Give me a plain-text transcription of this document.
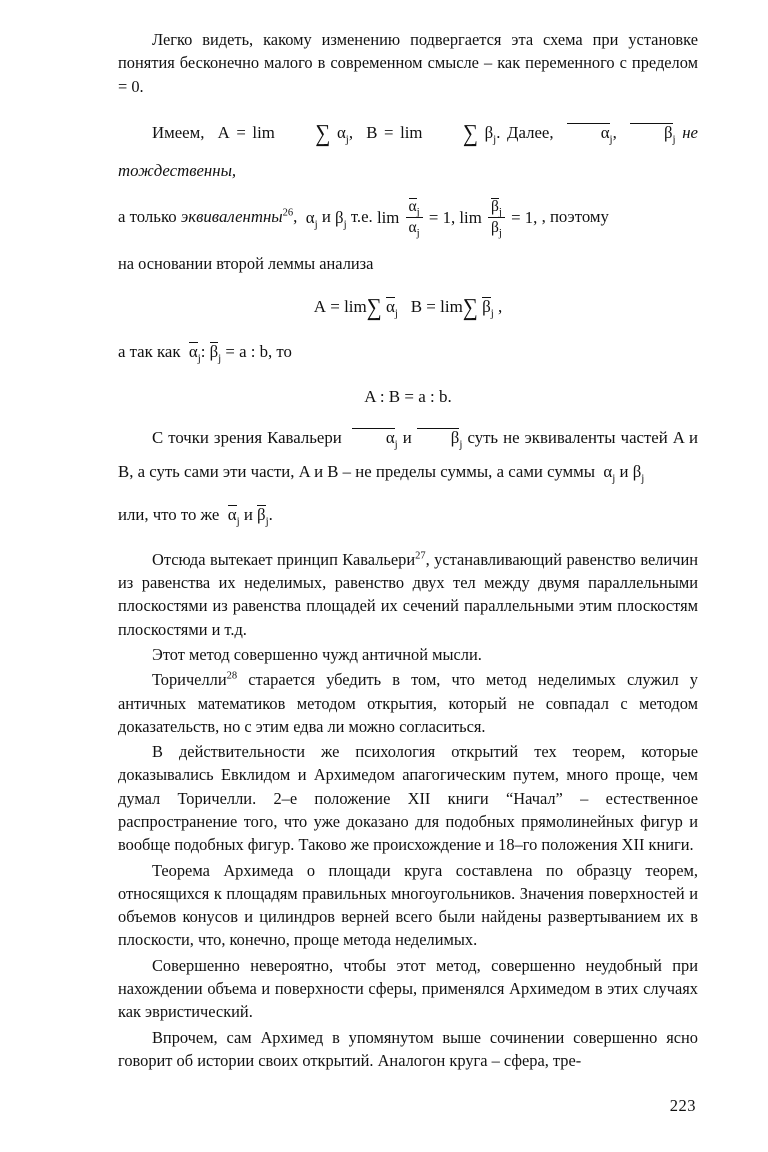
Легко видеть, какому изменению подвергается эта схема при установке понятия бесконечно малого в современном смысле – как переменного с пределом = 0.

Имеем,  A = lim ∑ $\alpha_j$,  B = lim ∑ $\beta_j$. Далее,	$\alpha_j$,	$\beta_j$ не тождественны,
а только эквивалентны$^{26}$,  $\alpha_j$ и $\beta_j$ т.е. $\lim \frac{\alpha_j}{\alpha_j} = 1$, $\lim \frac{\beta_j}{\beta_j} = 1$, , поэтому

на основании второй леммы анализа

A = lim∑ $\alpha_j$   B = lim∑ $\beta_j$ ,
а так как $\alpha_j$: $\beta_j = a$ : b, то
A : B = a : b.
С точки зрения Кавальери	$\alpha_j$ и $\beta_j$ суть не эквиваленты частей A и B, а суть сами эти части, A и B – не пределы суммы, а сами суммы  $\alpha_j$ и $\beta_j$
или, что то же $\alpha_j$ и $\beta_j$.

Отсюда вытекает принцип Кавальери$^{27}$, устанавливающий равенство величин из равенства их неделимых, равенство двух тел между двумя параллельными плоскостями из равенства площадей их сечений параллельными этим плоскостям плоскостями и т.д.

Этот метод совершенно чужд античной мысли.

Торичелли$^{28}$ старается убедить в том, что метод неделимых служил у античных математиков методом открытия, который не совпадал с методом доказательств, но с этим едва ли можно согласиться.

В действительности же психология открытий тех теорем, которые доказывались Евклидом и Архимедом апагогическим путем, много проще, чем думал Торичелли. 2–е положение XII книги “Начал” – естественное распространение того, что уже доказано для подобных прямолинейных фигур и вообще подобных фигур. Таково же происхождение и 18–го положения XII книги.

Теорема Архимеда о площади круга составлена по образцу теорем, относящихся к площадям правильных многоугольников. Значения поверхностей и объемов конусов и цилиндров верней всего были найдены развертыванием их в плоскости, что, конечно, проще метода неделимых.

Совершенно невероятно, чтобы этот метод, совершенно неудобный при нахождении объема и поверхности сферы, применялся Архимедом в этих случаях как эвристический.

Впрочем, сам Архимед в упомянутом выше сочинении совершенно ясно говорит об истории своих открытий. Аналогон круга – сфера, тре-

223
